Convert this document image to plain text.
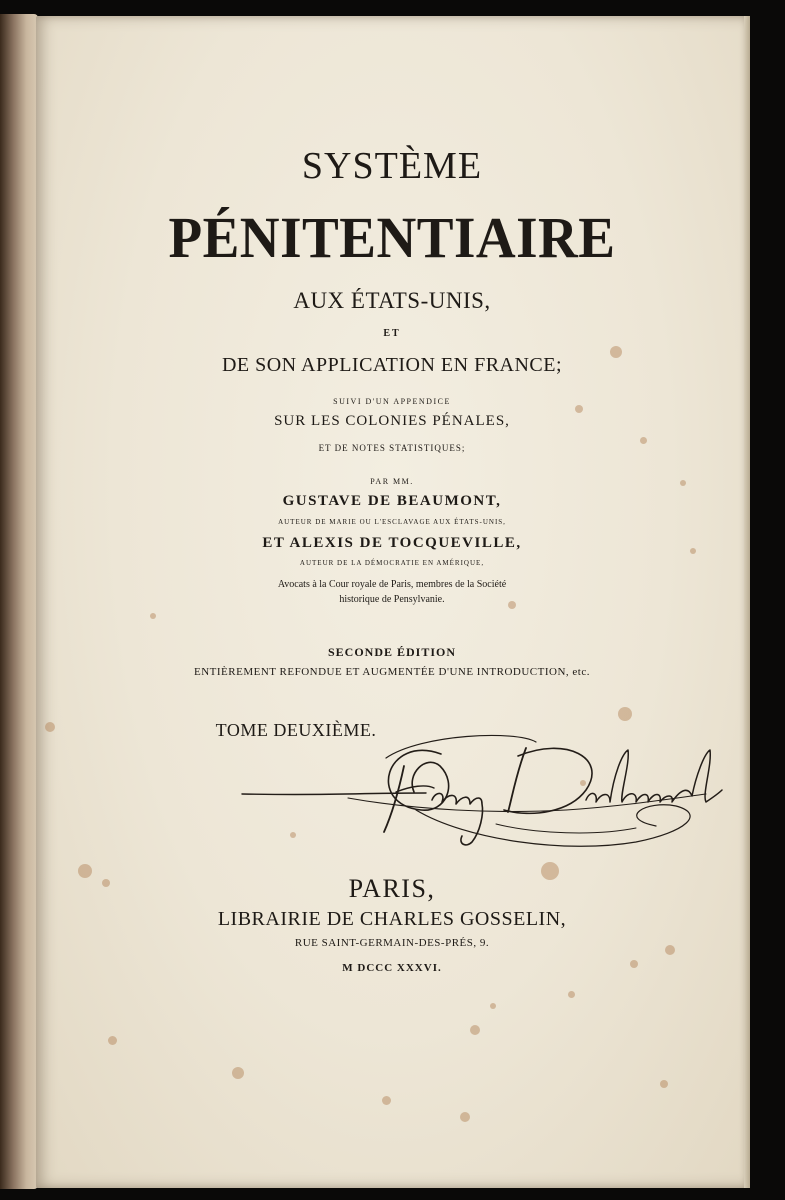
SYSTÈME
PÉNITENTIAIRE
AUX ÉTATS-UNIS,
ET
DE SON APPLICATION EN FRANCE;
SUIVI D'UN APPENDICE
SUR LES COLONIES PÉNALES,
ET DE NOTES STATISTIQUES;
PAR MM.
GUSTAVE DE BEAUMONT,
AUTEUR DE MARIE OU L'ESCLAVAGE AUX ÉTATS-UNIS,
ET ALEXIS DE TOCQUEVILLE,
AUTEUR DE LA DÉMOCRATIE EN AMÉRIQUE,
Avocats à la Cour royale de Paris, membres de la Société
historique de Pensylvanie.
SECONDE ÉDITION
ENTIÈREMENT REFONDUE ET AUGMENTÉE D'UNE INTRODUCTION, etc.
TOME DEUXIÈME.
PARIS,
LIBRAIRIE DE CHARLES GOSSELIN,
RUE SAINT-GERMAIN-DES-PRÉS, 9.
M DCCC XXXVI.
